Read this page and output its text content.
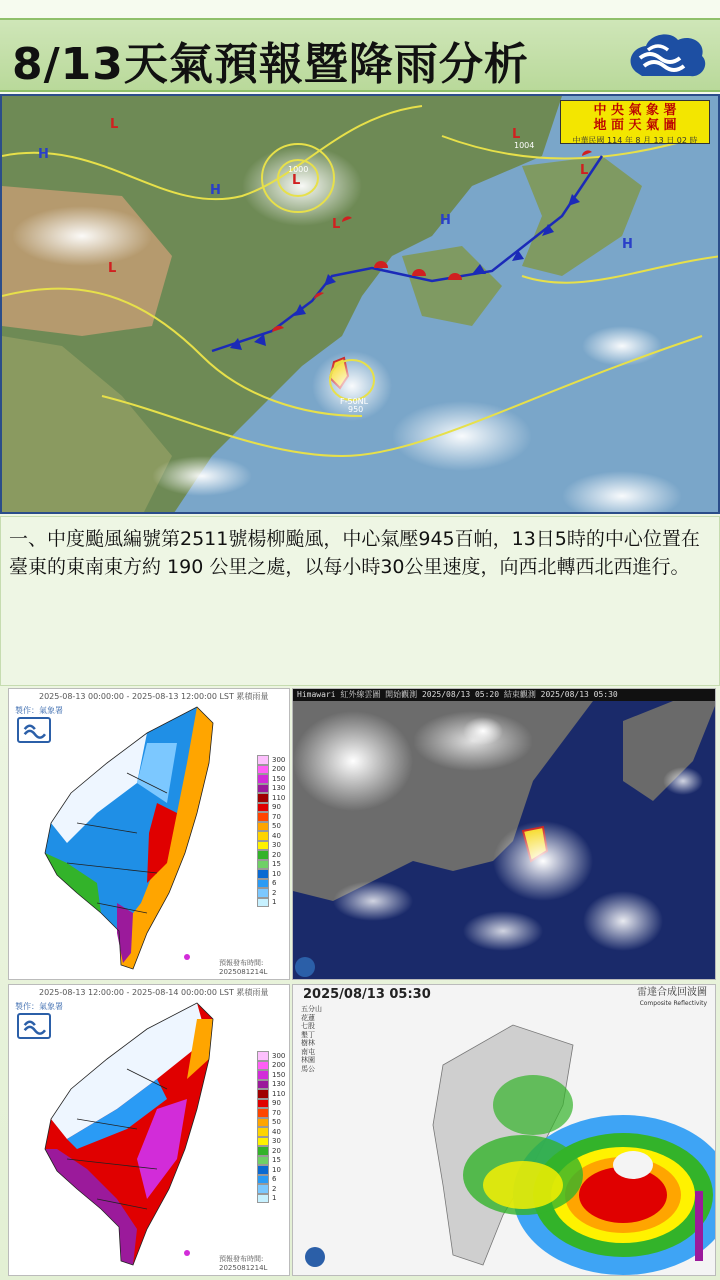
8/13天氣預報暨降雨分析
H
H
H
H
L
L
L
L
L
L
1000
1004
F-50NL
950
中 央 氣 象 署
地 面 天 氣 圖
中華民國 114 年 8 月 13 日 02 時
一、中度颱風編號第2511號楊柳颱風，中心氣壓945百帕，13日5時的中心位置在臺東的東南東方約 190 公里之處，以每小時30公里速度，向西北轉西北西進行。
2025-08-13 00:00:00 - 2025-08-13 12:00:00 LST 累積雨量
製作：氣象署
300
200
150
130
110
90
70
50
40
30
20
15
10
6
2
1
預報發布時間:
2025081214L
2025-08-13 12:00:00 - 2025-08-14 00:00:00 LST 累積雨量
製作：氣象署
300
200
150
130
110
90
70
50
40
30
20
15
10
6
2
1
預報發布時間:
2025081214L
Himawari 紅外線雲圖 開始觀測 2025/08/13 05:20 結束觀測 2025/08/13 05:30
2025/08/13 05:30	雷達合成回波圖
Composite Reflectivity
五分山
花蓮
七股
墾丁
樹林
南屯
林園
馬公
